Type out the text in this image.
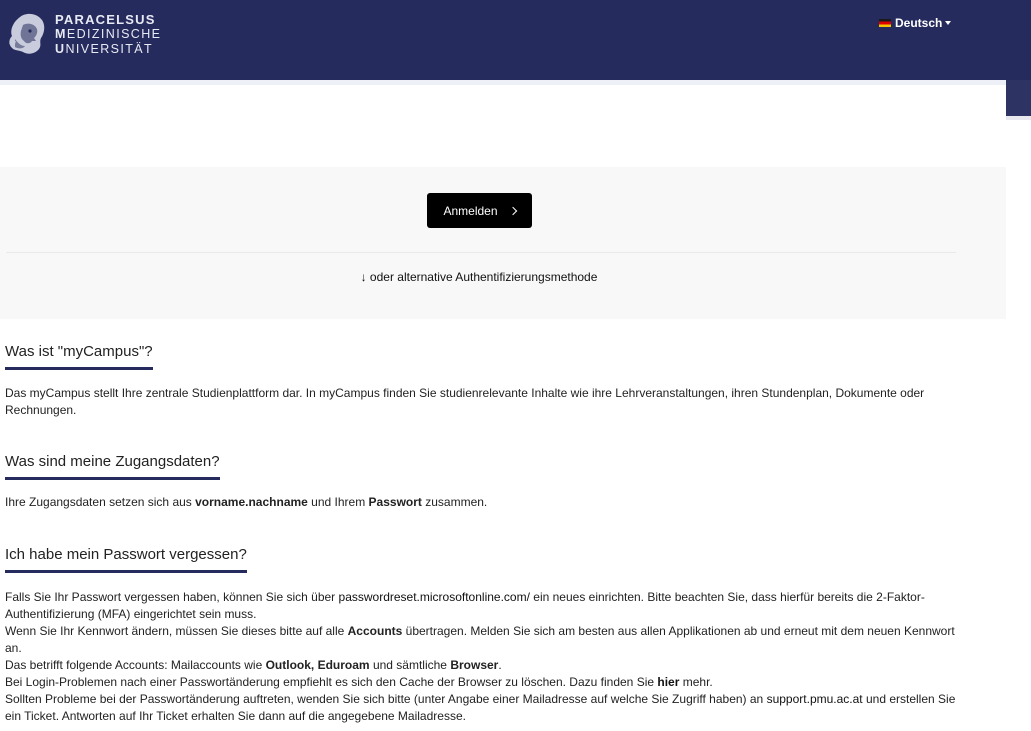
PARACELSUS
MEDIZINISCHE
UNIVERSITÄT
Deutsch
Anmelden
↓ oder alternative Authentifizierungsmethode
Was ist "myCampus"?

Das myCampus stellt Ihre zentrale Studienplattform dar. In myCampus finden Sie studienrelevante Inhalte wie ihre Lehrveranstaltungen, ihren Stundenplan, Dokumente oder Rechnungen.

Was sind meine Zugangsdaten?

Ihre Zugangsdaten setzen sich aus vorname.nachname und Ihrem Passwort zusammen.

Ich habe mein Passwort vergessen?

Falls Sie Ihr Passwort vergessen haben, können Sie sich über passwordreset.microsoftonline.com/ ein neues einrichten. Bitte beachten Sie, dass hierfür bereits die 2-Faktor-Authentifizierung (MFA) eingerichtet sein muss.
Wenn Sie Ihr Kennwort ändern, müssen Sie dieses bitte auf alle Accounts übertragen. Melden Sie sich am besten aus allen Applikationen ab und erneut mit dem neuen Kennwort an.
Das betrifft folgende Accounts: Mailaccounts wie Outlook, Eduroam und sämtliche Browser.
Bei Login-Problemen nach einer Passwortänderung empfiehlt es sich den Cache der Browser zu löschen. Dazu finden Sie hier mehr.
Sollten Probleme bei der Passwortänderung auftreten, wenden Sie sich bitte (unter Angabe einer Mailadresse auf welche Sie Zugriff haben) an support.pmu.ac.at und erstellen Sie ein Ticket. Antworten auf Ihr Ticket erhalten Sie dann auf die angegebene Mailadresse.
